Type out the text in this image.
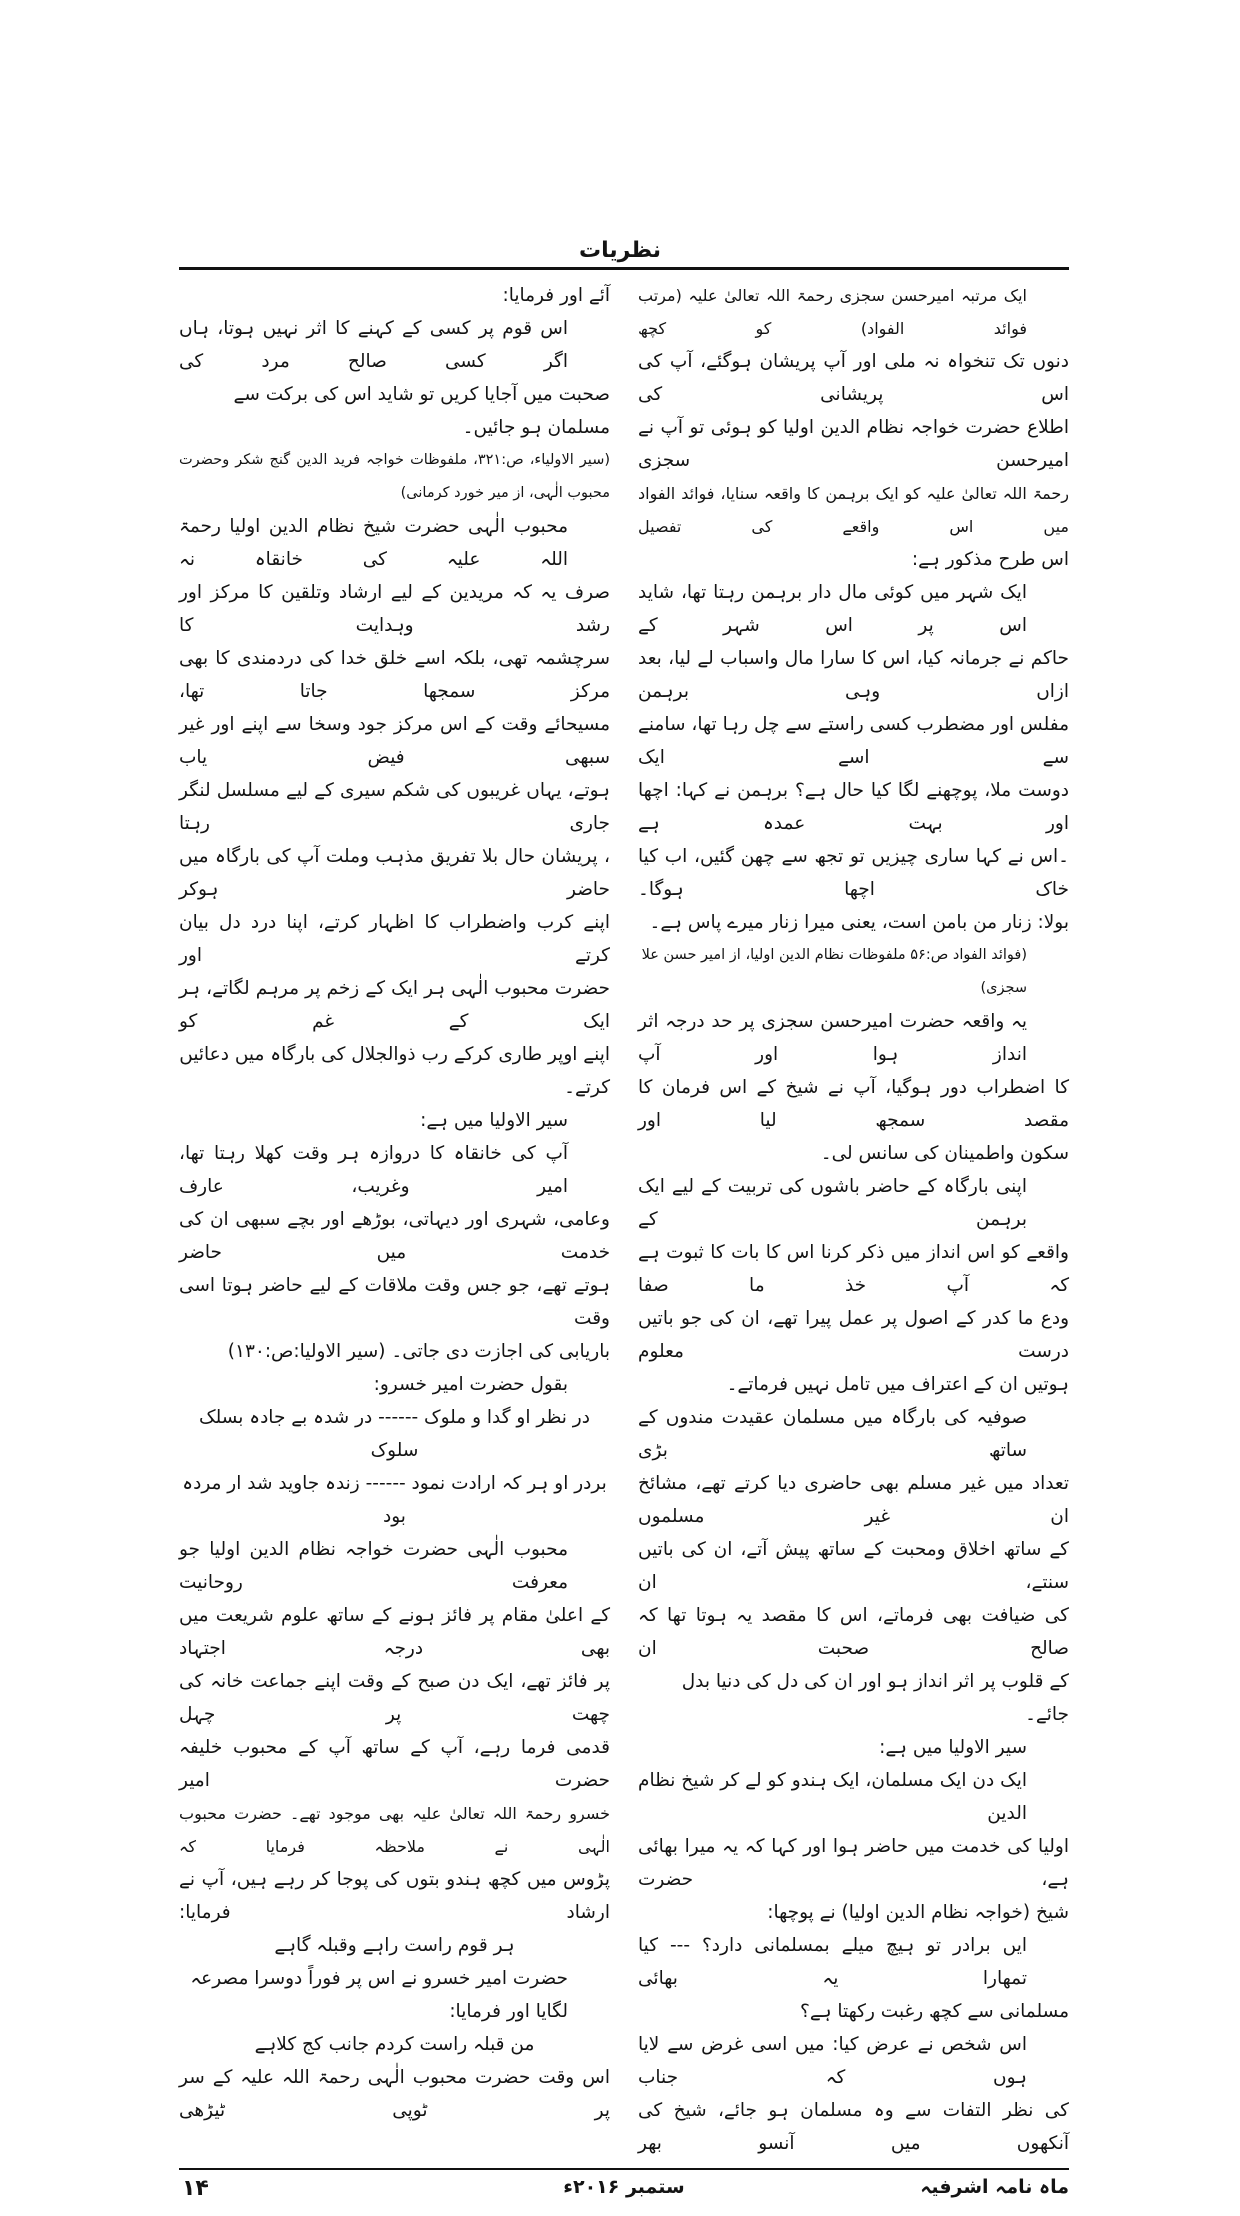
نظریات
ایک مرتبہ امیرحسن سجزی رحمۃ اللہ تعالیٰ علیہ (مرتب فوائد الفواد) کو کچھ
دنوں تک تنخواہ نہ ملی اور آپ پریشان ہوگئے، آپ کی اس پریشانی کی
اطلاع حضرت خواجہ نظام الدین اولیا کو ہوئی تو آپ نے امیرحسن سجزی
رحمۃ اللہ تعالیٰ علیہ کو ایک برہمن کا واقعہ سنایا، فوائد الفواد میں اس واقعے کی تفصیل
اس طرح مذکور ہے:
ایک شہر میں کوئی مال دار برہمن رہتا تھا، شاید اس پر اس شہر کے
حاکم نے جرمانہ کیا، اس کا سارا مال واسباب لے لیا، بعد ازاں وہی برہمن
مفلس اور مضطرب کسی راستے سے چل رہا تھا، سامنے سے اسے ایک
دوست ملا، پوچھنے لگا کیا حال ہے؟ برہمن نے کہا: اچھا اور بہت عمدہ ہے
۔اس نے کہا ساری چیزیں تو تجھ سے چھن گئیں، اب کیا خاک اچھا ہوگا۔
بولا: زنار من بامن است، یعنی میرا زنار میرے پاس ہے۔
(فوائد الفواد ص:۵۶ ملفوظات نظام الدین اولیا، از امیر حسن علا سجزی)
یہ واقعہ حضرت امیرحسن سجزی پر حد درجہ اثر انداز ہوا اور آپ
کا اضطراب دور ہوگیا، آپ نے شیخ کے اس فرمان کا مقصد سمجھ لیا اور
سکون واطمینان کی سانس لی۔
اپنی بارگاہ کے حاضر باشوں کی تربیت کے لیے ایک برہمن کے
واقعے کو اس انداز میں ذکر کرنا اس کا بات کا ثبوت ہے کہ آپ خذ ما صفا
ودع ما کدر کے اصول پر عمل پیرا تھے، ان کی جو باتیں درست معلوم
ہوتیں ان کے اعتراف میں تامل نہیں فرماتے۔
صوفیہ کی بارگاہ میں مسلمان عقیدت مندوں کے ساتھ بڑی
تعداد میں غیر مسلم بھی حاضری دیا کرتے تھے، مشائخ ان غیر مسلموں
کے ساتھ اخلاق ومحبت کے ساتھ پیش آتے، ان کی باتیں سنتے، ان
کی ضیافت بھی فرماتے، اس کا مقصد یہ ہوتا تھا کہ صالح صحبت ان
کے قلوب پر اثر انداز ہو اور ان کی دل کی دنیا بدل جائے۔
سیر الاولیا میں ہے:
ایک دن ایک مسلمان، ایک ہندو کو لے کر شیخ نظام الدین
اولیا کی خدمت میں حاضر ہوا اور کہا کہ یہ میرا بھائی ہے، حضرت
شیخ (خواجہ نظام الدین اولیا) نے پوچھا:
ایں برادر تو ہیچ میلے بمسلمانی دارد؟ --- کیا تمھارا یہ بھائی
مسلمانی سے کچھ رغبت رکھتا ہے؟
اس شخص نے عرض کیا: میں اسی غرض سے لایا ہوں کہ جناب
کی نظر التفات سے وہ مسلمان ہو جائے، شیخ کی آنکھوں میں آنسو بھر
آئے اور فرمایا:
اس قوم پر کسی کے کہنے کا اثر نہیں ہوتا، ہاں اگر کسی صالح مرد کی
صحبت میں آجایا کریں تو شاید اس کی برکت سے مسلمان ہو جائیں۔
(سیر الاولیاء، ص:۳۲۱، ملفوظات خواجہ فرید الدین گنج شکر وحضرت
محبوب الٰہی، از میر خورد کرمانی)
محبوب الٰہی حضرت شیخ نظام الدین اولیا رحمۃ اللہ علیہ کی خانقاہ نہ
صرف یہ کہ مریدین کے لیے ارشاد وتلقین کا مرکز اور رشد وہدایت کا
سرچشمہ تھی، بلکہ اسے خلق خدا کی دردمندی کا بھی مرکز سمجھا جاتا تھا،
مسیحائے وقت کے اس مرکز جود وسخا سے اپنے اور غیر سبھی فیض یاب
ہوتے، یہاں غریبوں کی شکم سیری کے لیے مسلسل لنگر جاری رہتا
، پریشان حال بلا تفریق مذہب وملت آپ کی بارگاہ میں حاضر ہوکر
اپنے کرب واضطراب کا اظہار کرتے، اپنا درد دل بیان کرتے اور
حضرت محبوب الٰہی ہر ایک کے زخم پر مرہم لگاتے، ہر ایک کے غم کو
اپنے اوپر طاری کرکے رب ذوالجلال کی بارگاہ میں دعائیں کرتے۔
سیر الاولیا میں ہے:
آپ کی خانقاہ کا دروازہ ہر وقت کھلا رہتا تھا، امیر وغریب، عارف
وعامی، شہری اور دیہاتی، بوڑھے اور بچے سبھی ان کی خدمت میں حاضر
ہوتے تھے، جو جس وقت ملاقات کے لیے حاضر ہوتا اسی وقت
باریابی کی اجازت دی جاتی۔ (سیر الاولیا:ص:۱۳۰)
بقول حضرت امیر خسرو:
در نظر او گدا و ملوک ------ در شدہ بے جادہ بسلک سلوک
بردر او ہر کہ ارادت نمود ------ زندہ جاوید شد ار مردہ بود
محبوب الٰہی حضرت خواجہ نظام الدین اولیا جو معرفت روحانیت
کے اعلیٰ مقام پر فائز ہونے کے ساتھ علوم شریعت میں بھی درجہ اجتہاد
پر فائز تھے، ایک دن صبح کے وقت اپنے جماعت خانہ کی چھت پر چہل
قدمی فرما رہے، آپ کے ساتھ آپ کے محبوب خلیفہ حضرت امیر
خسرو رحمۃ اللہ تعالیٰ علیہ بھی موجود تھے۔ حضرت محبوب الٰہی نے ملاحظہ فرمایا کہ
پڑوس میں کچھ ہندو بتوں کی پوجا کر رہے ہیں، آپ نے ارشاد فرمایا:
ہر قوم راست راہے وقبلہ گاہے
حضرت امیر خسرو نے اس پر فوراً دوسرا مصرعہ لگایا اور فرمایا:
من قبلہ راست کردم جانب کج کلاہے
اس وقت حضرت محبوب الٰہی رحمۃ اللہ علیہ کے سر پر ٹوپی ٹیڑھی
ماہ نامہ اشرفیہ
ستمبر ۲۰۱۶ء
۱۴
